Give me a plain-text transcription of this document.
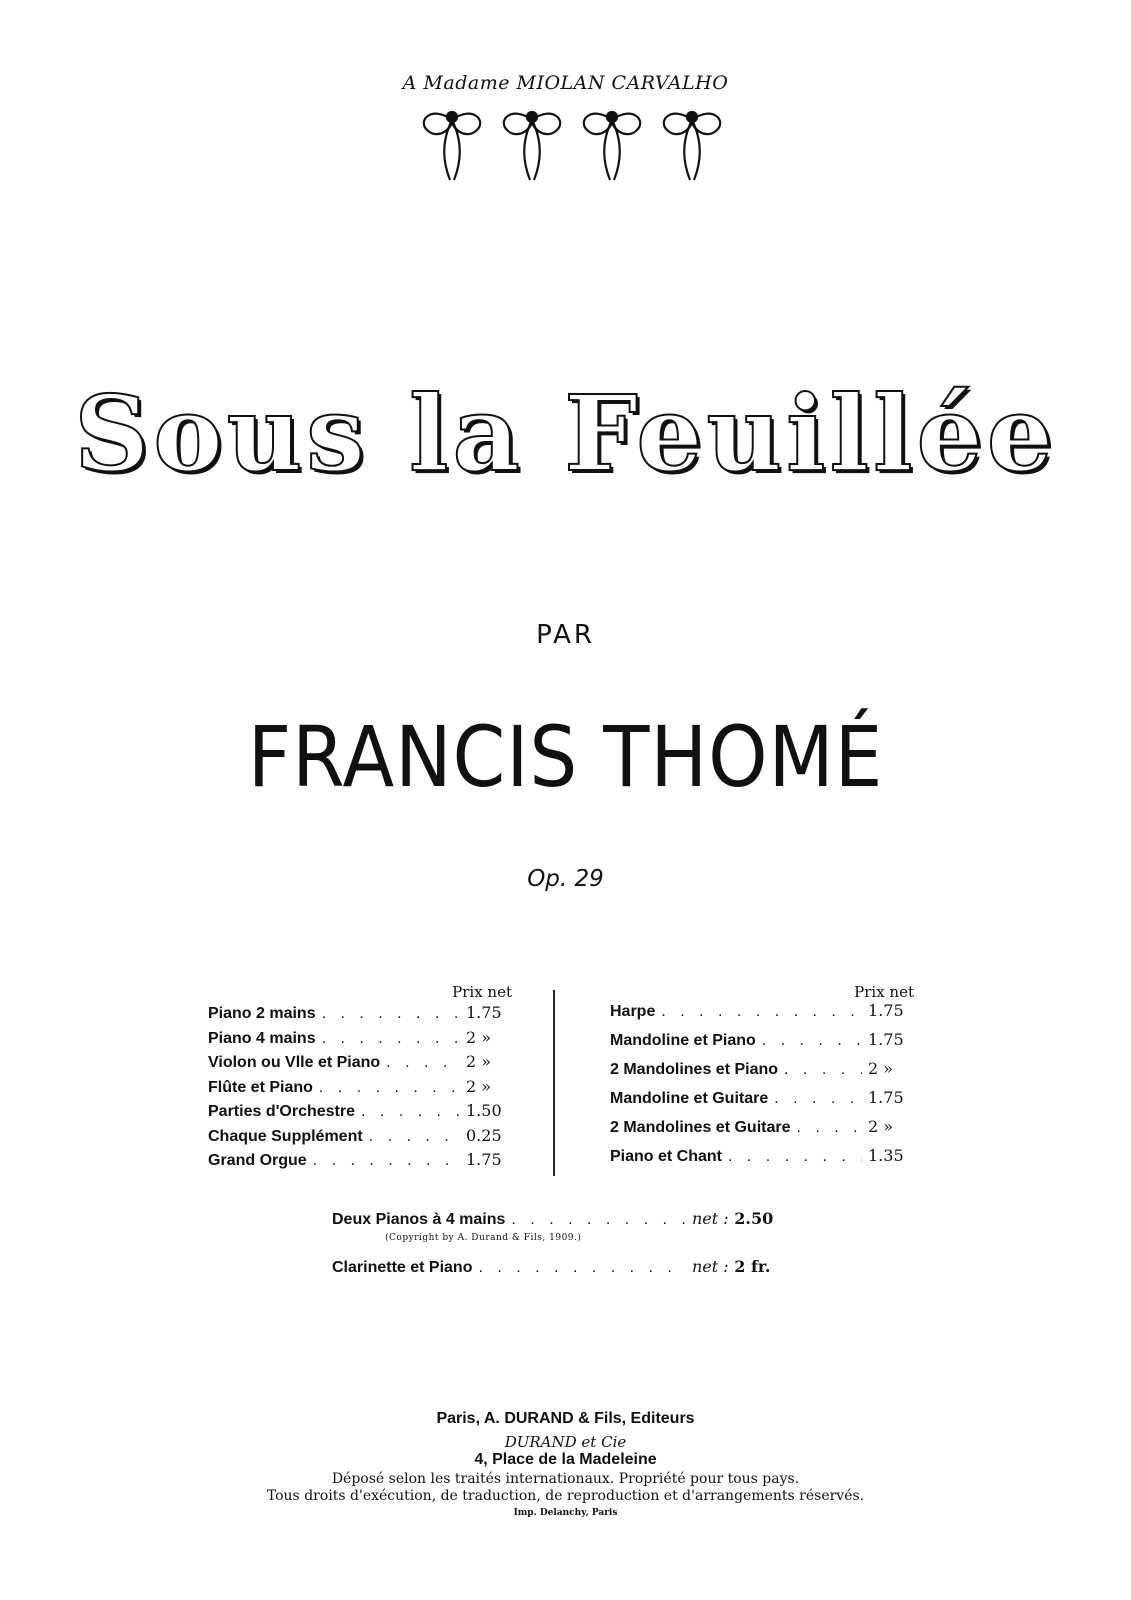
A Madame MIOLAN CARVALHO
Sous la Feuillée
PAR
FRANCIS THOMÉ
Op. 29
Prix net
Piano 2 mains . . .	1.75
Piano 4 mains . . .	2 »
Violon ou Vlle et Piano . . .	2 »
Flûte et Piano . . .	2 »
Parties d'Orchestre . . .	1.50
Chaque Supplément . . .	0.25
Grand Orgue . . .	1.75
Prix net
Harpe . . .	1.75
Mandoline et Piano . . .	1.75
2 Mandolines et Piano . . .	2 »
Mandoline et Guitare . . .	1.75
2 Mandolines et Guitare . . .	2 »
Piano et Chant . . .	1.35
Deux Pianos à 4 mains . . .	net : 2.50
(Copyright by A. Durand & Fils, 1909.)
Clarinette et Piano . . .	net : 2 fr.
Paris, A. DURAND & Fils, Editeurs
DURAND et Cie
4, Place de la Madeleine
Déposé selon les traités internationaux. Propriété pour tous pays.
Tous droits d'exécution, de traduction, de reproduction et d'arrangements réservés.
Imp. Delanchy, Paris
